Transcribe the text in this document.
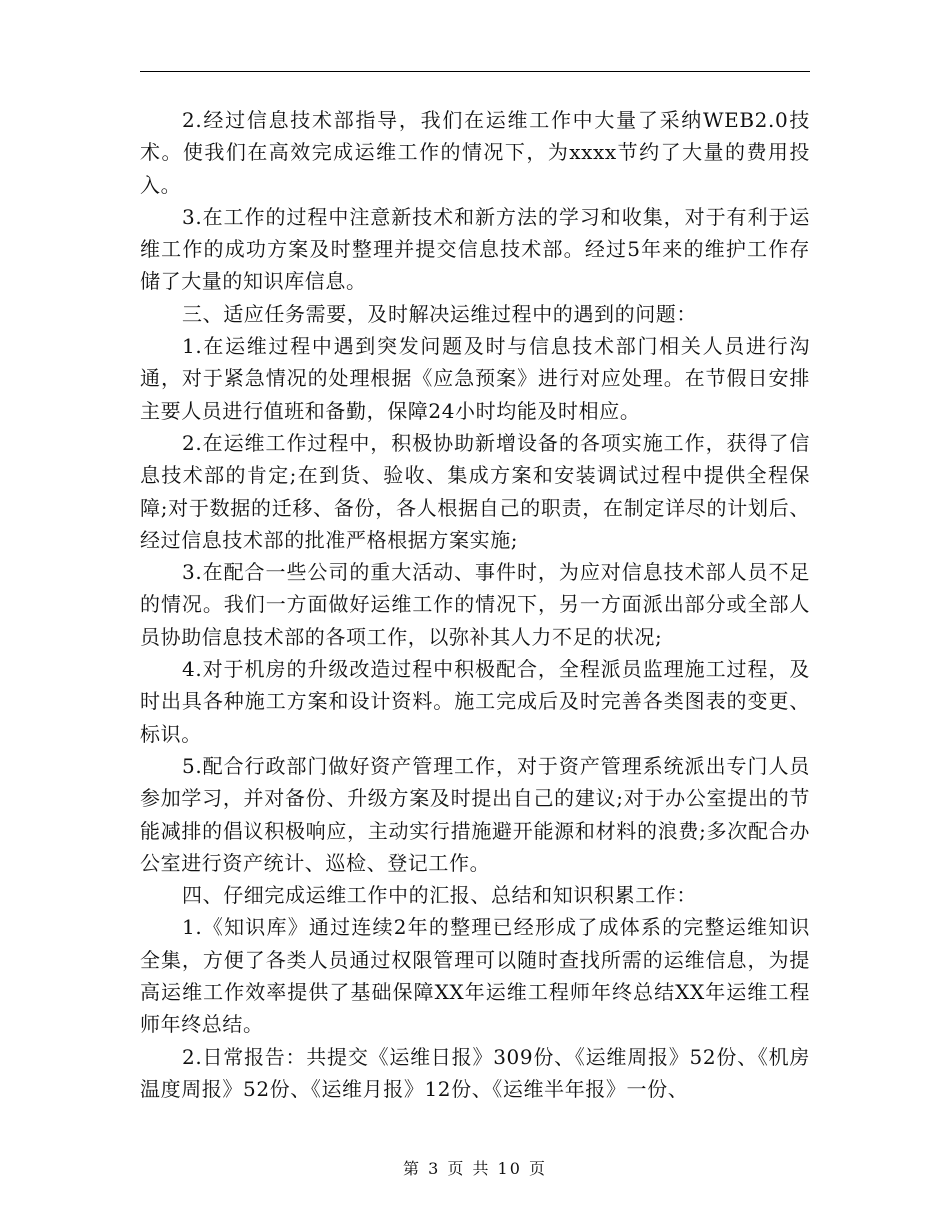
2.经过信息技术部指导，我们在运维工作中大量了采纳WEB2.0技术。使我们在高效完成运维工作的情况下，为xxxx节约了大量的费用投入。

3.在工作的过程中注意新技术和新方法的学习和收集，对于有利于运维工作的成功方案及时整理并提交信息技术部。经过5年来的维护工作存储了大量的知识库信息。

三、适应任务需要，及时解决运维过程中的遇到的问题：

1.在运维过程中遇到突发问题及时与信息技术部门相关人员进行沟通，对于紧急情况的处理根据《应急预案》进行对应处理。在节假日安排主要人员进行值班和备勤，保障24小时均能及时相应。

2.在运维工作过程中，积极协助新增设备的各项实施工作，获得了信息技术部的肯定;在到货、验收、集成方案和安装调试过程中提供全程保障;对于数据的迁移、备份，各人根据自己的职责，在制定详尽的计划后、经过信息技术部的批准严格根据方案实施;

3.在配合一些公司的重大活动、事件时，为应对信息技术部人员不足的情况。我们一方面做好运维工作的情况下，另一方面派出部分或全部人员协助信息技术部的各项工作，以弥补其人力不足的状况;

4.对于机房的升级改造过程中积极配合，全程派员监理施工过程，及时出具各种施工方案和设计资料。施工完成后及时完善各类图表的变更、标识。

5.配合行政部门做好资产管理工作，对于资产管理系统派出专门人员参加学习，并对备份、升级方案及时提出自己的建议;对于办公室提出的节能减排的倡议积极响应，主动实行措施避开能源和材料的浪费;多次配合办公室进行资产统计、巡检、登记工作。

四、仔细完成运维工作中的汇报、总结和知识积累工作：

1.《知识库》通过连续2年的整理已经形成了成体系的完整运维知识全集，方便了各类人员通过权限管理可以随时查找所需的运维信息，为提高运维工作效率提供了基础保障XX年运维工程师年终总结XX年运维工程师年终总结。

2.日常报告：共提交《运维日报》309份、《运维周报》52份、《机房温度周报》52份、《运维月报》12份、《运维半年报》一份、

第 3 页 共 10 页
